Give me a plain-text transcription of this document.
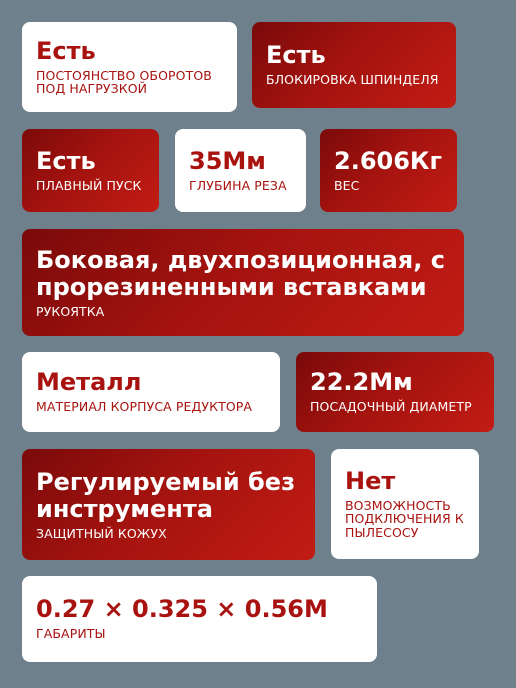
Есть
ПОСТОЯНСТВО ОБОРОТОВ ПОД НАГРУЗКОЙ
Есть
БЛОКИРОВКА ШПИНДЕЛЯ
Есть
ПЛАВНЫЙ ПУСК
35Мм
ГЛУБИНА РЕЗА
2.606Кг
ВЕС
Боковая, двухпозиционная, с прорезиненными вставками
РУКОЯТКА
Металл
МАТЕРИАЛ КОРПУСА РЕДУКТОРА
22.2Мм
ПОСАДОЧНЫЙ ДИАМЕТР
Регулируемый без инструмента
ЗАЩИТНЫЙ КОЖУХ
Нет
ВОЗМОЖНОСТЬ ПОДКЛЮЧЕНИЯ К ПЫЛЕСОСУ
0.27 × 0.325 × 0.56М
ГАБАРИТЫ
